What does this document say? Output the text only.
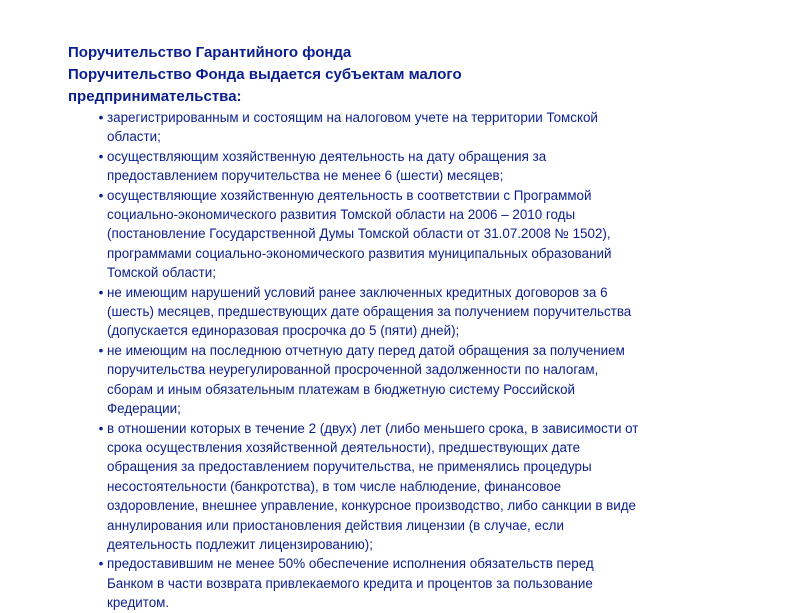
Поручительство Гарантийного фонда
Поручительство Фонда выдается субъектам малого
предпринимательства:
• зарегистрированным и состоящим на налоговом учете на территории Томской
области;
• осуществляющим хозяйственную деятельность на дату обращения за
предоставлением поручительства не менее 6 (шести) месяцев;
• осуществляющие хозяйственную деятельность в соответствии с Программой
социально-экономического развития Томской области на 2006 – 2010 годы
(постановление Государственной Думы Томской области от 31.07.2008 № 1502),
программами социально-экономического развития муниципальных образований
Томской области;
• не имеющим нарушений условий ранее заключенных кредитных договоров за 6
(шесть) месяцев, предшествующих дате обращения за получением поручительства
(допускается единоразовая просрочка до 5 (пяти) дней);
• не имеющим на последнюю отчетную дату перед датой обращения за получением
поручительства неурегулированной просроченной задолженности по налогам,
сборам и иным обязательным платежам в бюджетную систему Российской
Федерации;
• в отношении которых в течение 2 (двух) лет (либо меньшего срока, в зависимости от
срока осуществления хозяйственной деятельности), предшествующих дате
обращения за предоставлением поручительства, не применялись процедуры
несостоятельности (банкротства), в том числе наблюдение, финансовое
оздоровление, внешнее управление, конкурсное производство, либо санкции в виде
аннулирования или приостановления действия лицензии (в случае, если
деятельность подлежит лицензированию);
• предоставившим не менее 50% обеспечение исполнения обязательств перед
Банком в части возврата привлекаемого кредита и процентов за пользование
кредитом.
